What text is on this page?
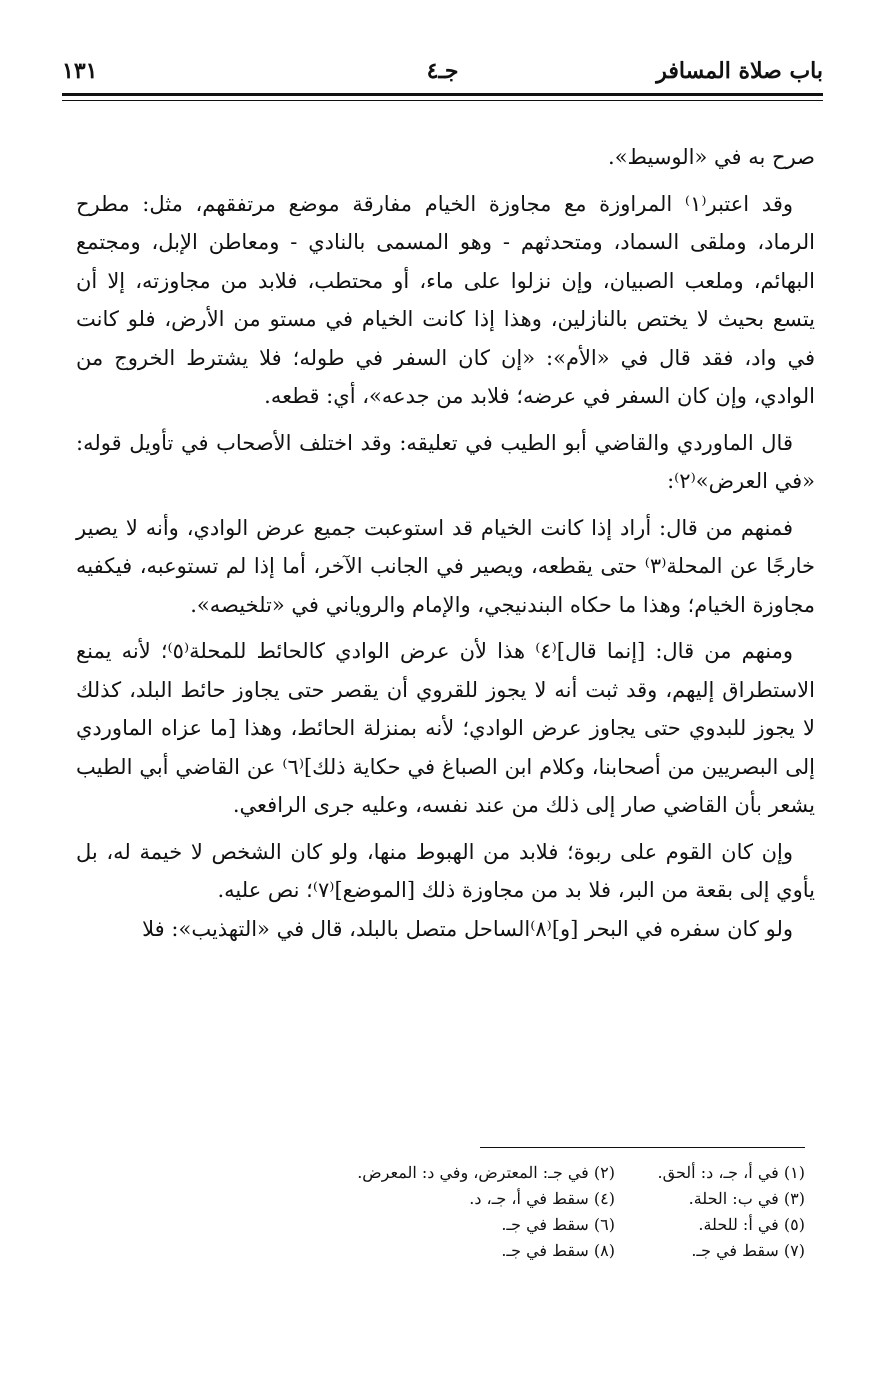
باب صلاة المسافر
جـ٤
١٣١

صرح به في «الوسيط».

وقد اعتبر⁽١⁾ المراوزة مع مجاوزة الخيام مفارقة موضع مرتفقهم، مثل: مطرح الرماد، وملقى السماد، ومتحدثهم - وهو المسمى بالنادي - ومعاطن الإبل، ومجتمع البهائم، وملعب الصبيان، وإن نزلوا على ماء، أو محتطب، فلابد من مجاوزته، إلا أن يتسع بحيث لا يختص بالنازلين، وهذا إذا كانت الخيام في مستو من الأرض، فلو كانت في واد، فقد قال في «الأم»: «إن كان السفر في طوله؛ فلا يشترط الخروج من الوادي، وإن كان السفر في عرضه؛ فلابد من جدعه»، أي: قطعه.

قال الماوردي والقاضي أبو الطيب في تعليقه: وقد اختلف الأصحاب في تأويل قوله: «في العرض»⁽٢⁾:

فمنهم من قال: أراد إذا كانت الخيام قد استوعبت جميع عرض الوادي، وأنه لا يصير خارجًا عن المحلة⁽٣⁾ حتى يقطعه، ويصير في الجانب الآخر، أما إذا لم تستوعبه، فيكفيه مجاوزة الخيام؛ وهذا ما حكاه البندنيجي، والإمام والروياني في «تلخيصه».

ومنهم من قال: [إنما قال]⁽٤⁾ هذا لأن عرض الوادي كالحائط للمحلة⁽٥⁾؛ لأنه يمنع الاستطراق إليهم، وقد ثبت أنه لا يجوز للقروي أن يقصر حتى يجاوز حائط البلد، كذلك لا يجوز للبدوي حتى يجاوز عرض الوادي؛ لأنه بمنزلة الحائط، وهذا [ما عزاه الماوردي إلى البصريين من أصحابنا، وكلام ابن الصباغ في حكاية ذلك]⁽٦⁾ عن القاضي أبي الطيب يشعر بأن القاضي صار إلى ذلك من عند نفسه، وعليه جرى الرافعي.

وإن كان القوم على ربوة؛ فلابد من الهبوط منها، ولو كان الشخص لا خيمة له، بل يأوي إلى بقعة من البر، فلا بد من مجاوزة ذلك [الموضع]⁽٧⁾؛ نص عليه.

ولو كان سفره في البحر [و]⁽٨⁾الساحل متصل بالبلد، قال في «التهذيب»: فلا

(١) في أ، جـ، د: ألحق.
(٢) في جـ: المعترض، وفي د: المعرض.
(٣) في ب: الحلة.
(٤) سقط في أ، جـ، د.
(٥) في أ: للحلة.
(٦) سقط في جـ.
(٧) سقط في جـ.
(٨) سقط في جـ.
